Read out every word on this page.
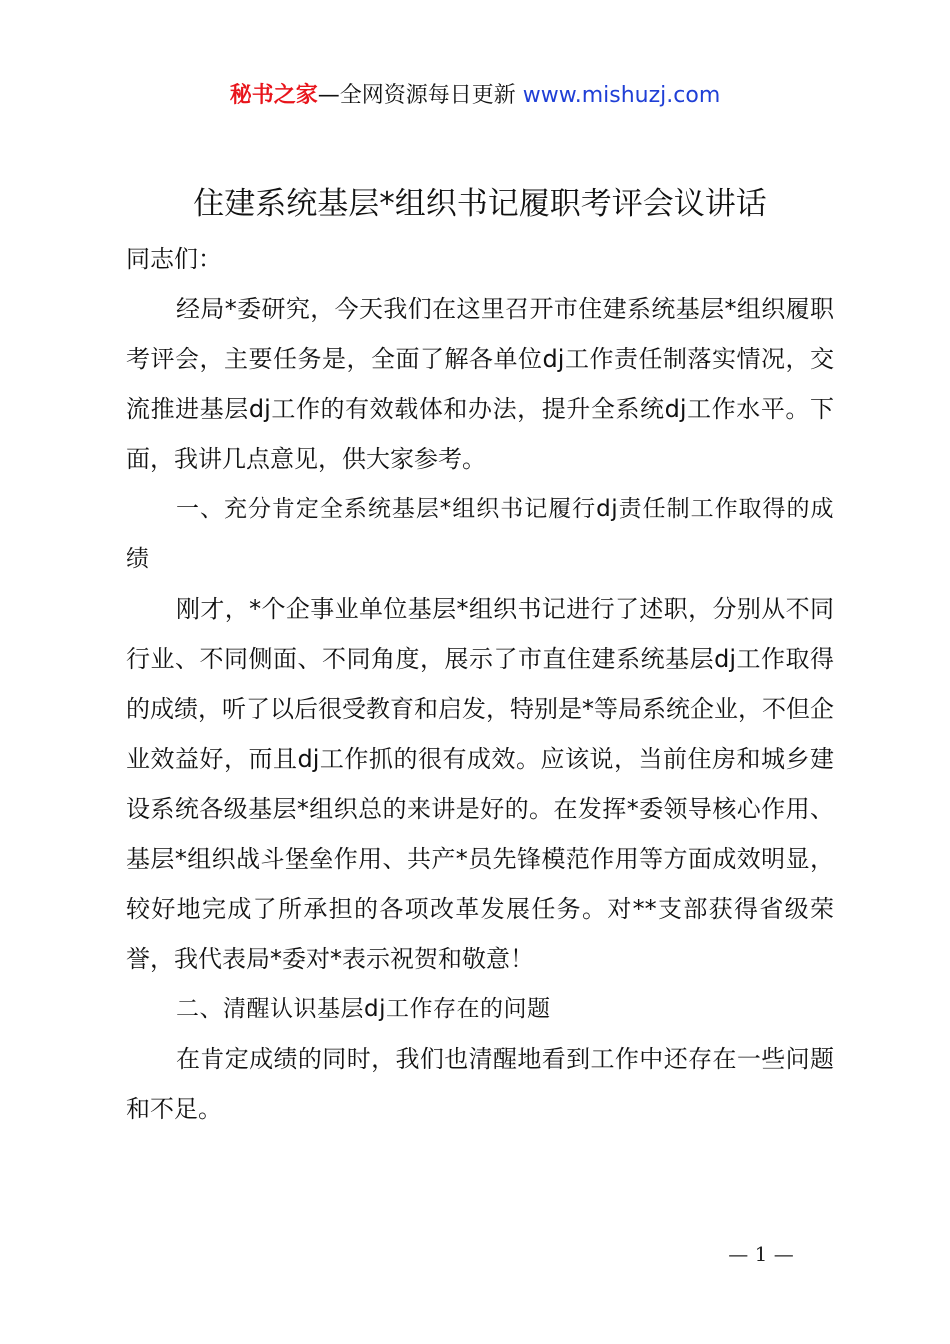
秘书之家—全网资源每日更新 www.mishuzj.com
住建系统基层*组织书记履职考评会议讲话

同志们：

经局*委研究，今天我们在这里召开市住建系统基层*组织履职考评会，主要任务是，全面了解各单位dj工作责任制落实情况，交流推进基层dj工作的有效载体和办法，提升全系统dj工作水平。下面，我讲几点意见，供大家参考。

一、充分肯定全系统基层*组织书记履行dj责任制工作取得的成绩

刚才，*个企事业单位基层*组织书记进行了述职，分别从不同行业、不同侧面、不同角度，展示了市直住建系统基层dj工作取得的成绩，听了以后很受教育和启发，特别是*等局系统企业，不但企业效益好，而且dj工作抓的很有成效。应该说，当前住房和城乡建设系统各级基层*组织总的来讲是好的。在发挥*委领导核心作用、基层*组织战斗堡垒作用、共产*员先锋模范作用等方面成效明显，较好地完成了所承担的各项改革发展任务。对**支部获得省级荣誉，我代表局*委对*表示祝贺和敬意！

二、清醒认识基层dj工作存在的问题

在肯定成绩的同时，我们也清醒地看到工作中还存在一些问题和不足。

— 1 —
